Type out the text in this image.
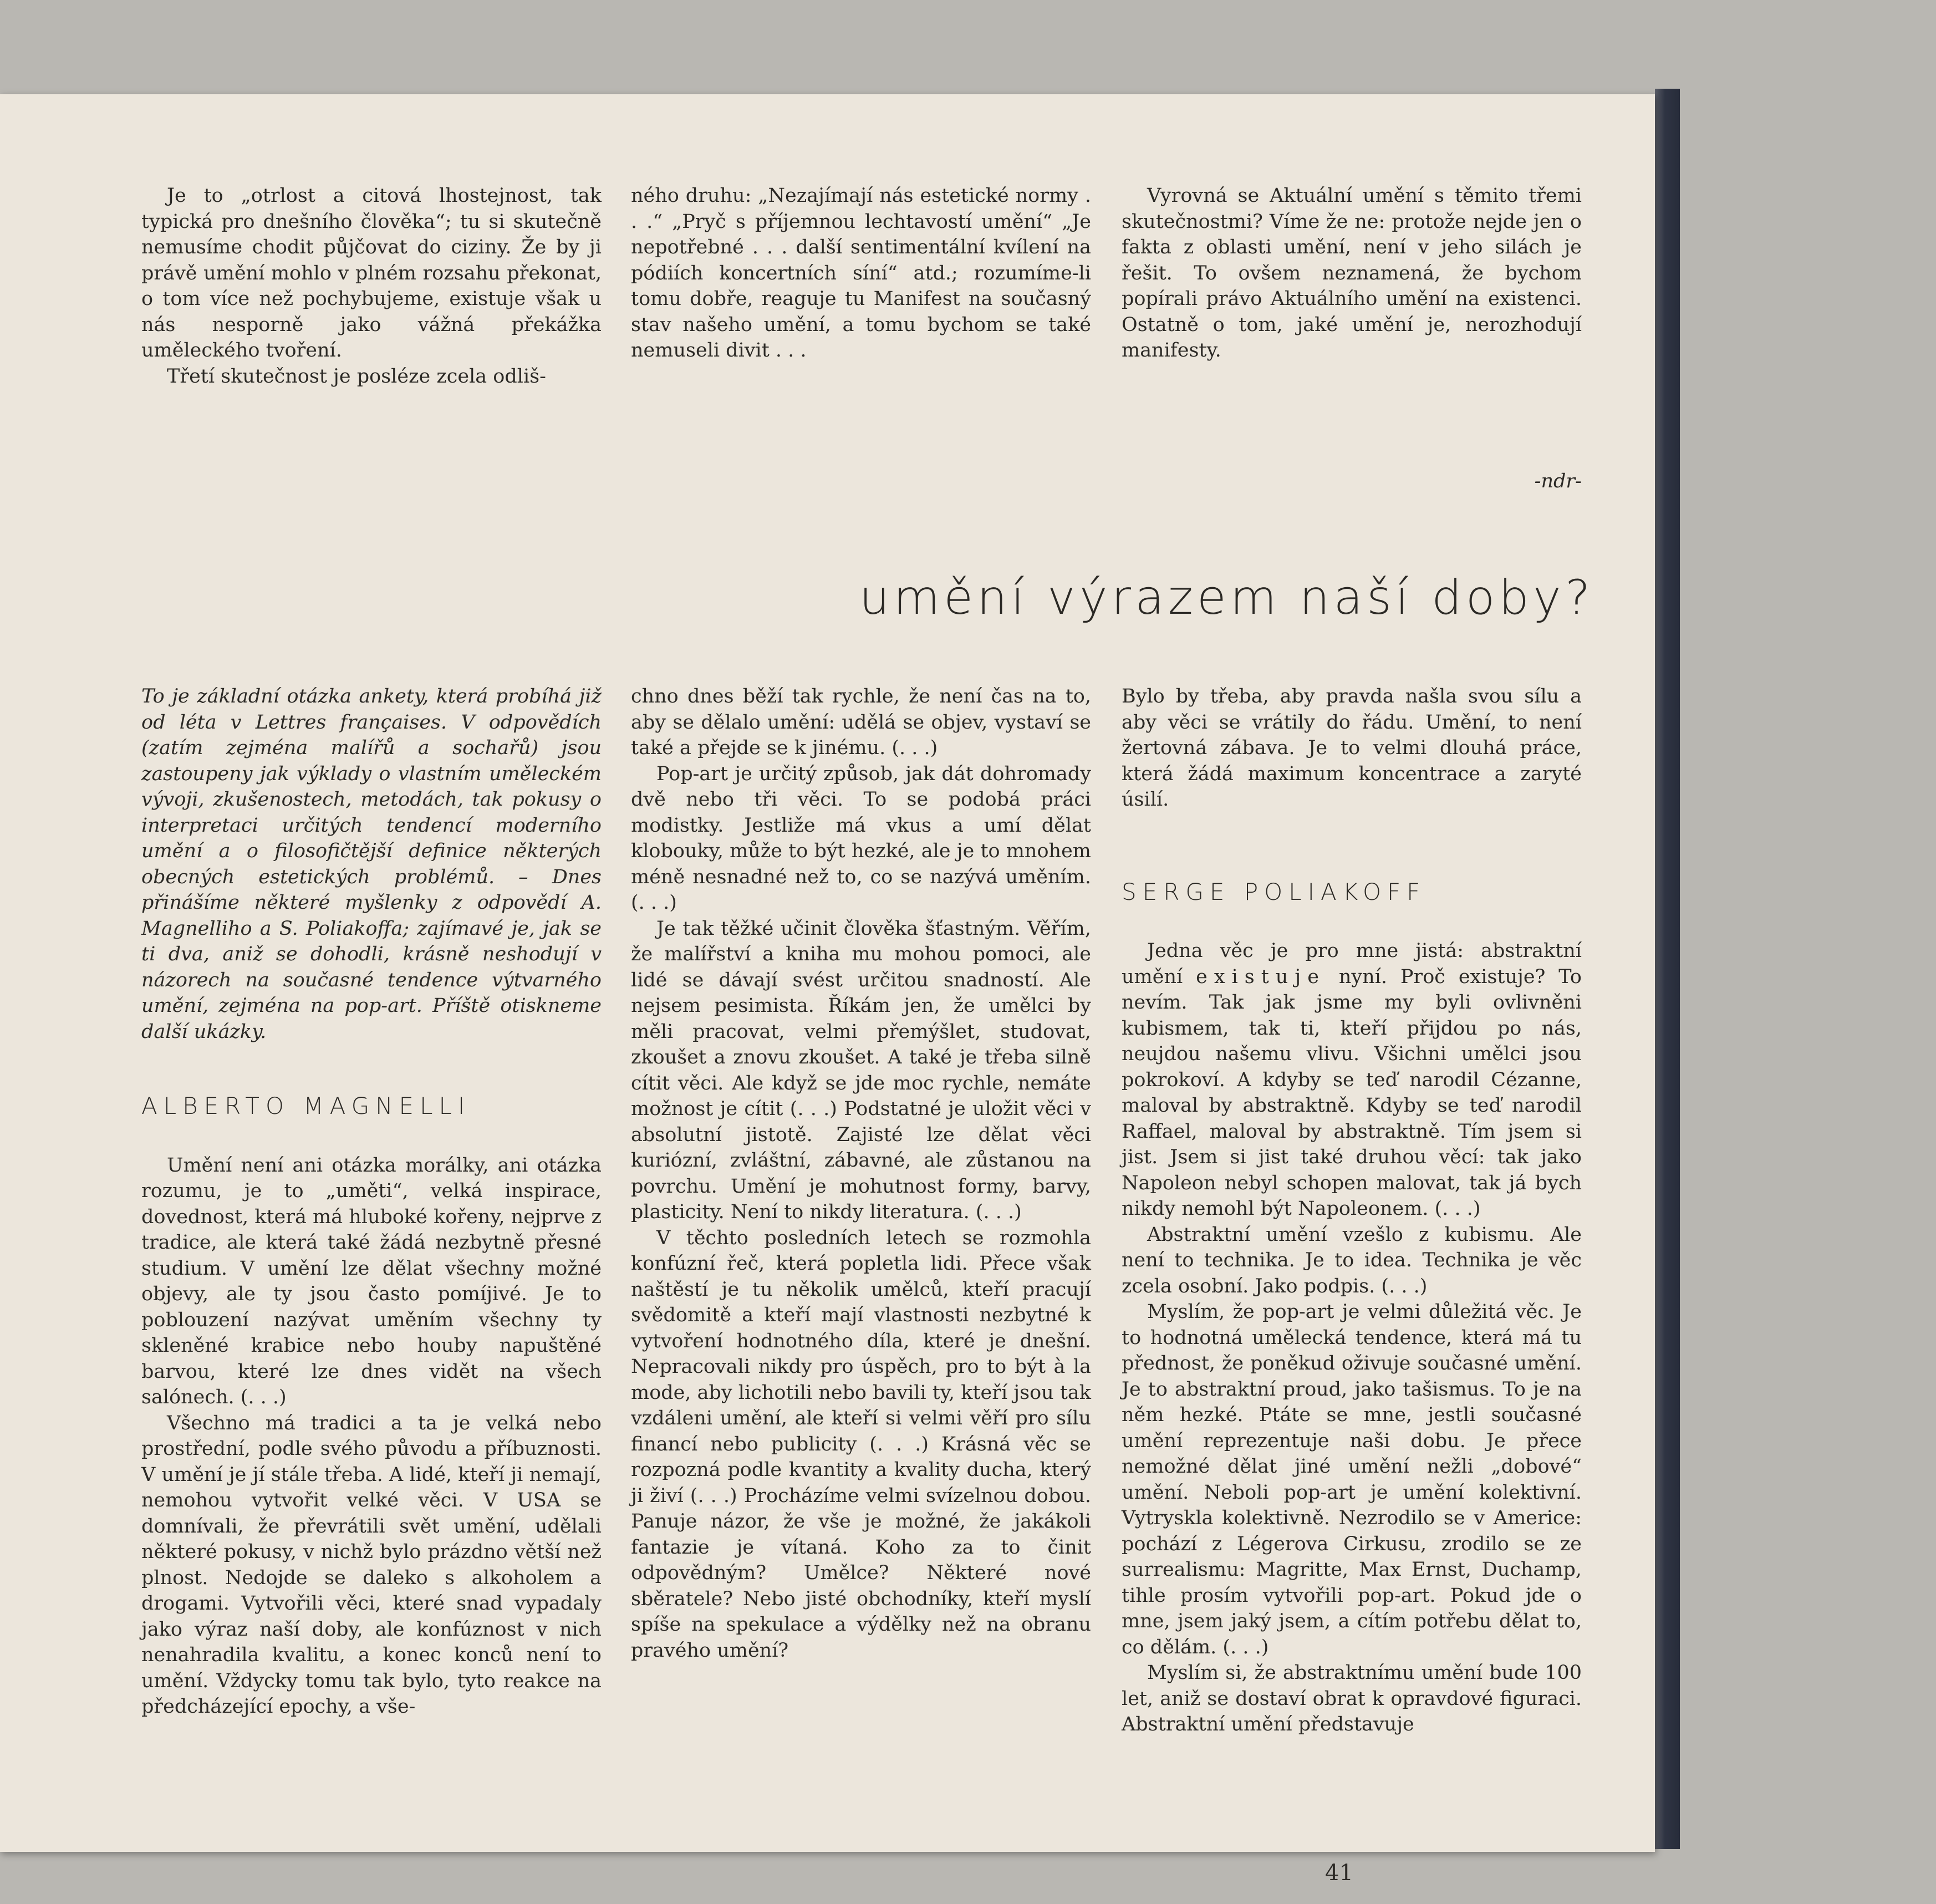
Je to „otrlost a citová lhostejnost, tak typická pro dnešního člověka“; tu si skutečně nemusíme chodit půjčovat do ciziny. Že by ji právě umění mohlo v plném rozsahu překonat, o tom více než pochybujeme, existuje však u nás nesporně jako vážná překážka uměleckého tvoření.

Třetí skutečnost je posléze zcela odliš-

ného druhu: „Nezajímají nás estetické normy . . .“ „Pryč s příjemnou lechtavostí umění“ „Je nepotřebné . . . další sentimentální kvílení na pódiích koncertních síní“ atd.; rozumíme-li tomu dobře, reaguje tu Manifest na současný stav našeho umění, a tomu bychom se také nemuseli divit . . .

Vyrovná se Aktuální umění s těmito třemi skutečnostmi? Víme že ne: protože nejde jen o fakta z oblasti umění, není v jeho silách je řešit. To ovšem neznamená, že bychom popírali právo Aktuálního umění na existenci. Ostatně o tom, jaké umění je, nerozhodují manifesty.

-ndr-
umění výrazem naší doby?

To je základní otázka ankety, která probíhá již od léta v Lettres françaises. V odpovědích (zatím zejména malířů a sochařů) jsou zastoupeny jak výklady o vlastním uměleckém vývoji, zkušenostech, metodách, tak pokusy o interpretaci určitých tendencí moderního umění a o filosofičtější definice některých obecných estetických problémů. – Dnes přinášíme některé myšlenky z odpovědí A. Magnelliho a S. Poliakoffa; zajímavé je, jak se ti dva, aniž se dohodli, krásně neshodují v názorech na současné tendence výtvarného umění, zejména na pop-art. Příště otiskneme další ukázky.

ALBERTO MAGNELLI

Umění není ani otázka morálky, ani otázka rozumu, je to „uměti“, velká inspirace, dovednost, která má hluboké kořeny, nejprve z tradice, ale která také žádá nezbytně přesné studium. V umění lze dělat všechny možné objevy, ale ty jsou často pomíjivé. Je to poblouzení nazývat uměním všechny ty skleněné krabice nebo houby napuštěné barvou, které lze dnes vidět na všech salónech. (. . .)

Všechno má tradici a ta je velká nebo prostřední, podle svého původu a příbuznosti. V umění je jí stále třeba. A lidé, kteří ji nemají, nemohou vytvořit velké věci. V USA se domnívali, že převrátili svět umění, udělali některé pokusy, v nichž bylo prázdno větší než plnost. Nedojde se daleko s alkoholem a drogami. Vytvořili věci, které snad vypadaly jako výraz naší doby, ale konfúznost v nich nenahradila kvalitu, a konec konců není to umění. Vždycky tomu tak bylo, tyto reakce na předcházející epochy, a vše-

chno dnes běží tak rychle, že není čas na to, aby se dělalo umění: udělá se objev, vystaví se také a přejde se k jinému. (. . .)

Pop-art je určitý způsob, jak dát dohromady dvě nebo tři věci. To se podobá práci modistky. Jestliže má vkus a umí dělat klobouky, může to být hezké, ale je to mnohem méně nesnadné než to, co se nazývá uměním. (. . .)

Je tak těžké učinit člověka šťastným. Věřím, že malířství a kniha mu mohou pomoci, ale lidé se dávají svést určitou snadností. Ale nejsem pesimista. Říkám jen, že umělci by měli pracovat, velmi přemýšlet, studovat, zkoušet a znovu zkoušet. A také je třeba silně cítit věci. Ale když se jde moc rychle, nemáte možnost je cítit (. . .) Podstatné je uložit věci v absolutní jistotě. Zajisté lze dělat věci kuriózní, zvláštní, zábavné, ale zůstanou na povrchu. Umění je mohutnost formy, barvy, plasticity. Není to nikdy literatura. (. . .)

V těchto posledních letech se rozmohla konfúzní řeč, která popletla lidi. Přece však naštěstí je tu několik umělců, kteří pracují svědomitě a kteří mají vlastnosti nezbytné k vytvoření hodnotného díla, které je dnešní. Nepracovali nikdy pro úspěch, pro to být à la mode, aby lichotili nebo bavili ty, kteří jsou tak vzdáleni umění, ale kteří si velmi věří pro sílu financí nebo publicity (. . .) Krásná věc se rozpozná podle kvantity a kvality ducha, který ji živí (. . .) Procházíme velmi svízelnou dobou. Panuje názor, že vše je možné, že jakákoli fantazie je vítaná. Koho za to činit odpovědným? Umělce? Některé nové sběratele? Nebo jisté obchodníky, kteří myslí spíše na spekulace a výdělky než na obranu pravého umění?

Bylo by třeba, aby pravda našla svou sílu a aby věci se vrátily do řádu. Umění, to není žertovná zábava. Je to velmi dlouhá práce, která žádá maximum koncentrace a zaryté úsilí.

SERGE POLIAKOFF

Jedna věc je pro mne jistá: abstraktní umění existuje nyní. Proč existuje? To nevím. Tak jak jsme my byli ovlivněni kubismem, tak ti, kteří přijdou po nás, neujdou našemu vlivu. Všichni umělci jsou pokrokoví. A kdyby se teď narodil Cézanne, maloval by abstraktně. Kdyby se teď narodil Raffael, maloval by abstraktně. Tím jsem si jist. Jsem si jist také druhou věcí: tak jako Napoleon nebyl schopen malovat, tak já bych nikdy nemohl být Napoleonem. (. . .)

Abstraktní umění vzešlo z kubismu. Ale není to technika. Je to idea. Technika je věc zcela osobní. Jako podpis. (. . .)

Myslím, že pop-art je velmi důležitá věc. Je to hodnotná umělecká tendence, která má tu přednost, že poněkud oživuje současné umění. Je to abstraktní proud, jako tašismus. To je na něm hezké. Ptáte se mne, jestli současné umění reprezentuje naši dobu. Je přece nemožné dělat jiné umění nežli „dobové“ umění. Neboli pop-art je umění kolektivní. Vytryskla kolektivně. Nezrodilo se v Americe: pochází z Légerova Cirkusu, zrodilo se ze surrealismu: Magritte, Max Ernst, Duchamp, tihle prosím vytvořili pop-art. Pokud jde o mne, jsem jaký jsem, a cítím potřebu dělat to, co dělám. (. . .)

Myslím si, že abstraktnímu umění bude 100 let, aniž se dostaví obrat k opravdové figuraci. Abstraktní umění představuje

41
